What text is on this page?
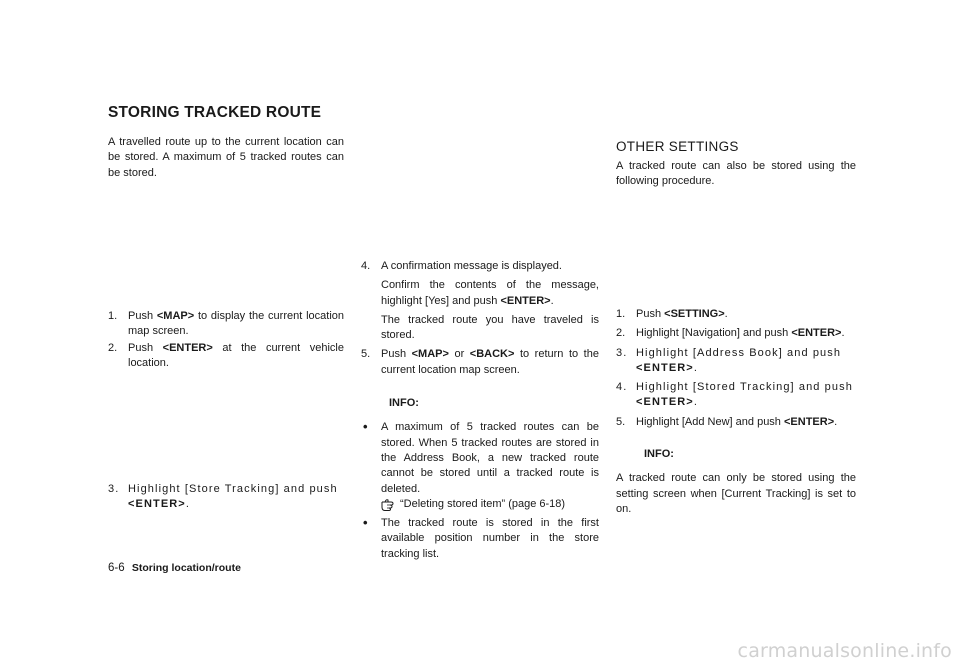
STORING TRACKED ROUTE

A travelled route up to the current location can be stored. A maximum of 5 tracked routes can be stored.

1. Push <MAP> to display the current location map screen.

2. Push <ENTER> at the current vehicle location.

3. Highlight [Store Tracking] and push <ENTER>.

4. A confirmation message is displayed.

Confirm the contents of the message, highlight [Yes] and push <ENTER>.

The tracked route you have traveled is stored.

5. Push <MAP> or <BACK> to return to the current location map screen.

INFO:

• A maximum of 5 tracked routes can be stored. When 5 tracked routes are stored in the Address Book, a new tracked route cannot be stored until a tracked route is deleted.

“Deleting stored item” (page 6-18)

• The tracked route is stored in the first available position number in the store tracking list.

OTHER SETTINGS

A tracked route can also be stored using the following procedure.

1. Push <SETTING>.

2. Highlight [Navigation] and push <ENTER>.

3. Highlight [Address Book] and push <ENTER>.

4. Highlight [Stored Tracking] and push <ENTER>.

5. Highlight [Add New] and push <ENTER>.

INFO:

A tracked route can only be stored using the setting screen when [Current Tracking] is set to on.

6-6 Storing location/route
carmanualsonline.info
